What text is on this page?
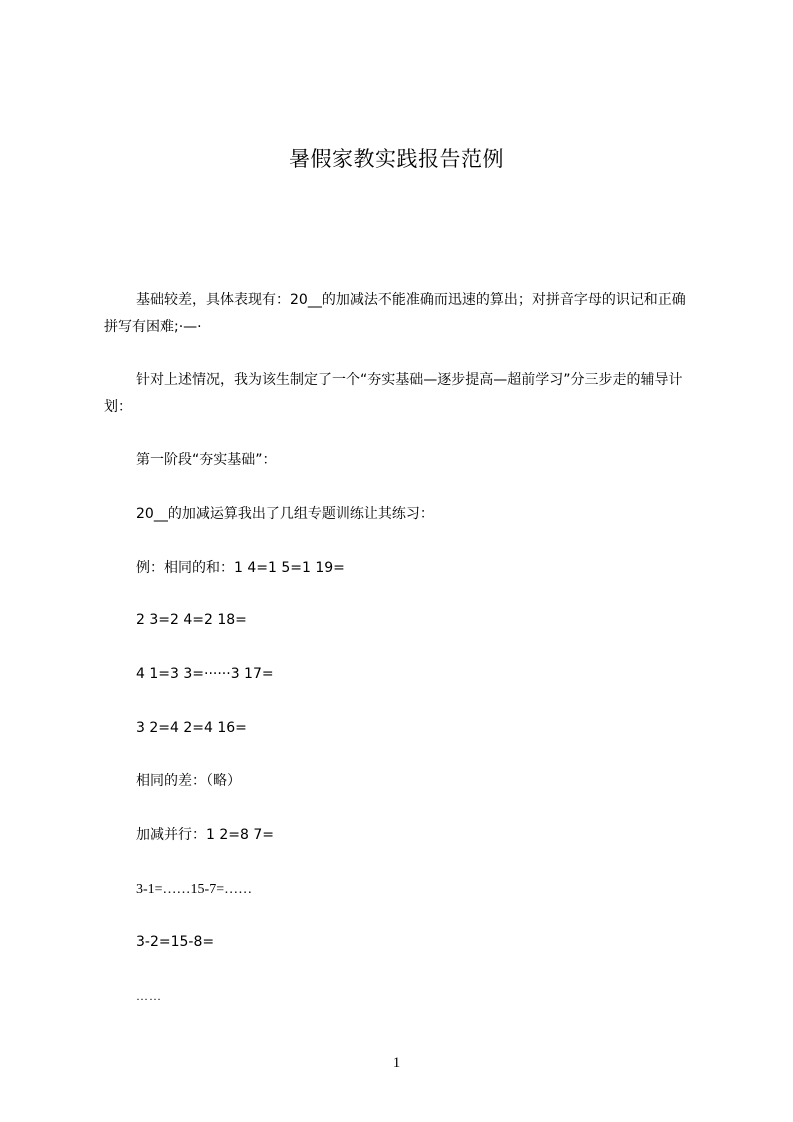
暑假家教实践报告范例
基础较差，具体表现有：20__的加减法不能准确而迅速的算出；对拼音字母的识记和正确拼写有困难;·—·
针对上述情况，我为该生制定了一个“夯实基础—逐步提高—超前学习”分三步走的辅导计划：
第一阶段“夯实基础”：
20__的加减运算我出了几组专题训练让其练习：
例：相同的和：1 4=1 5=1 19=
2 3=2 4=2 18=
4 1=3 3=······3 17=
3 2=4 2=4 16=
相同的差：（略）
加减并行：1 2=8 7=
3-1=……15-7=……
3-2=15-8=
……
1
